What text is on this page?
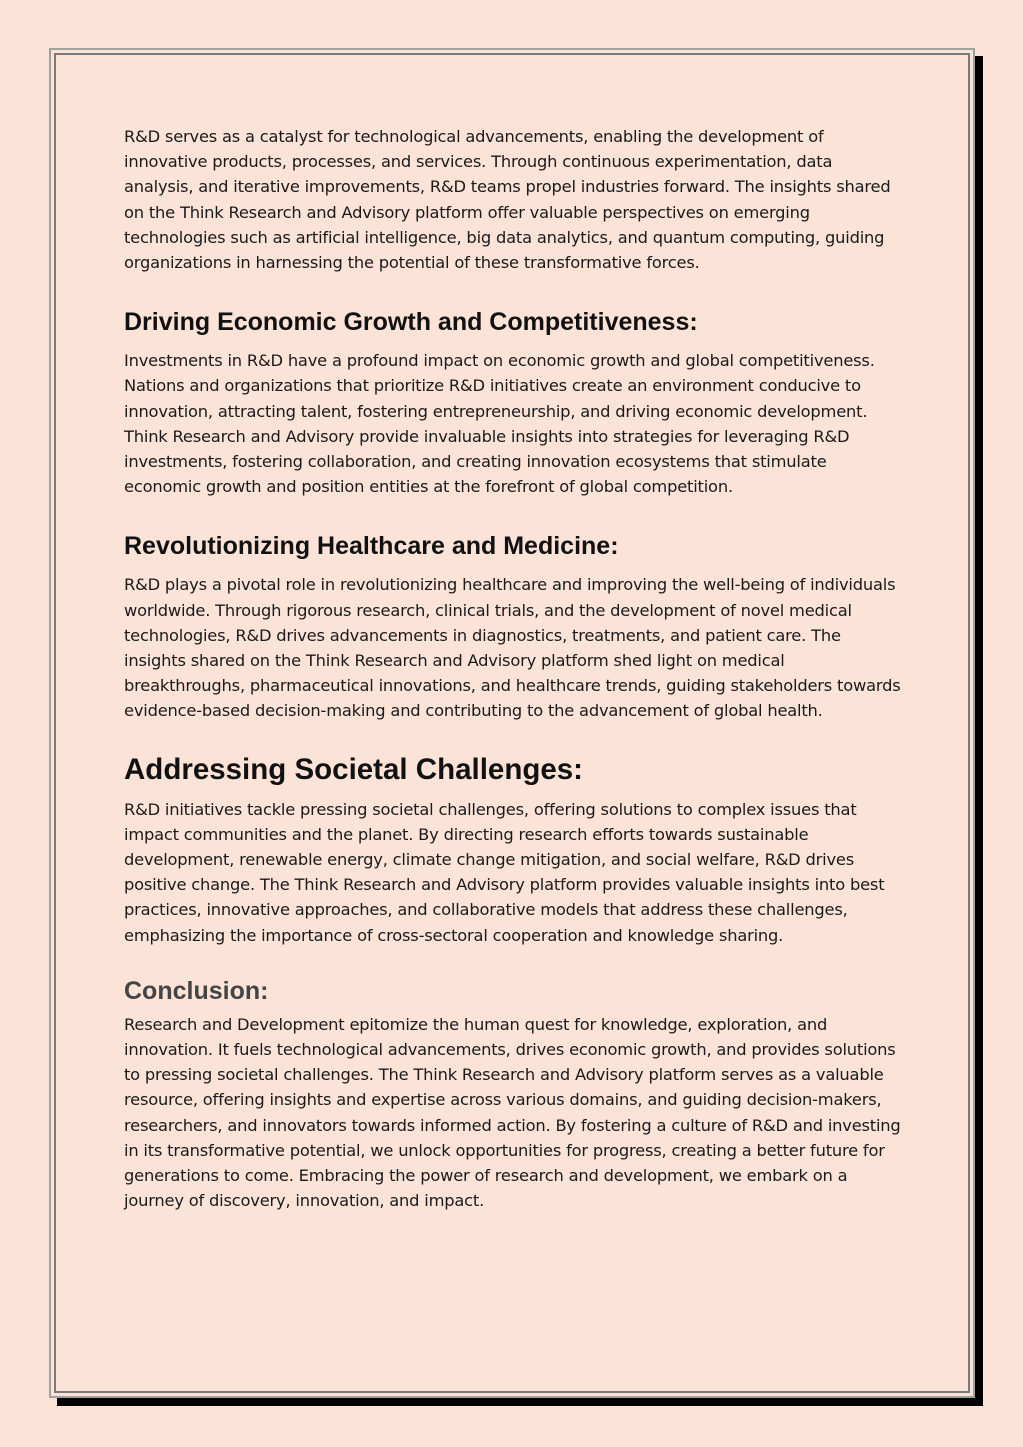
R&D serves as a catalyst for technological advancements, enabling the development of innovative products, processes, and services. Through continuous experimentation, data analysis, and iterative improvements, R&D teams propel industries forward. The insights shared on the Think Research and Advisory platform offer valuable perspectives on emerging technologies such as artificial intelligence, big data analytics, and quantum computing, guiding organizations in harnessing the potential of these transformative forces.

Driving Economic Growth and Competitiveness:

Investments in R&D have a profound impact on economic growth and global competitiveness. Nations and organizations that prioritize R&D initiatives create an environment conducive to innovation, attracting talent, fostering entrepreneurship, and driving economic development. Think Research and Advisory provide invaluable insights into strategies for leveraging R&D investments, fostering collaboration, and creating innovation ecosystems that stimulate economic growth and position entities at the forefront of global competition.

Revolutionizing Healthcare and Medicine:

R&D plays a pivotal role in revolutionizing healthcare and improving the well-being of individuals worldwide. Through rigorous research, clinical trials, and the development of novel medical technologies, R&D drives advancements in diagnostics, treatments, and patient care. The insights shared on the Think Research and Advisory platform shed light on medical breakthroughs, pharmaceutical innovations, and healthcare trends, guiding stakeholders towards evidence-based decision-making and contributing to the advancement of global health.

Addressing Societal Challenges:

R&D initiatives tackle pressing societal challenges, offering solutions to complex issues that impact communities and the planet. By directing research efforts towards sustainable development, renewable energy, climate change mitigation, and social welfare, R&D drives positive change. The Think Research and Advisory platform provides valuable insights into best practices, innovative approaches, and collaborative models that address these challenges, emphasizing the importance of cross-sectoral cooperation and knowledge sharing.

Conclusion:

Research and Development epitomize the human quest for knowledge, exploration, and innovation. It fuels technological advancements, drives economic growth, and provides solutions to pressing societal challenges. The Think Research and Advisory platform serves as a valuable resource, offering insights and expertise across various domains, and guiding decision-makers, researchers, and innovators towards informed action. By fostering a culture of R&D and investing in its transformative potential, we unlock opportunities for progress, creating a better future for generations to come. Embracing the power of research and development, we embark on a journey of discovery, innovation, and impact.
